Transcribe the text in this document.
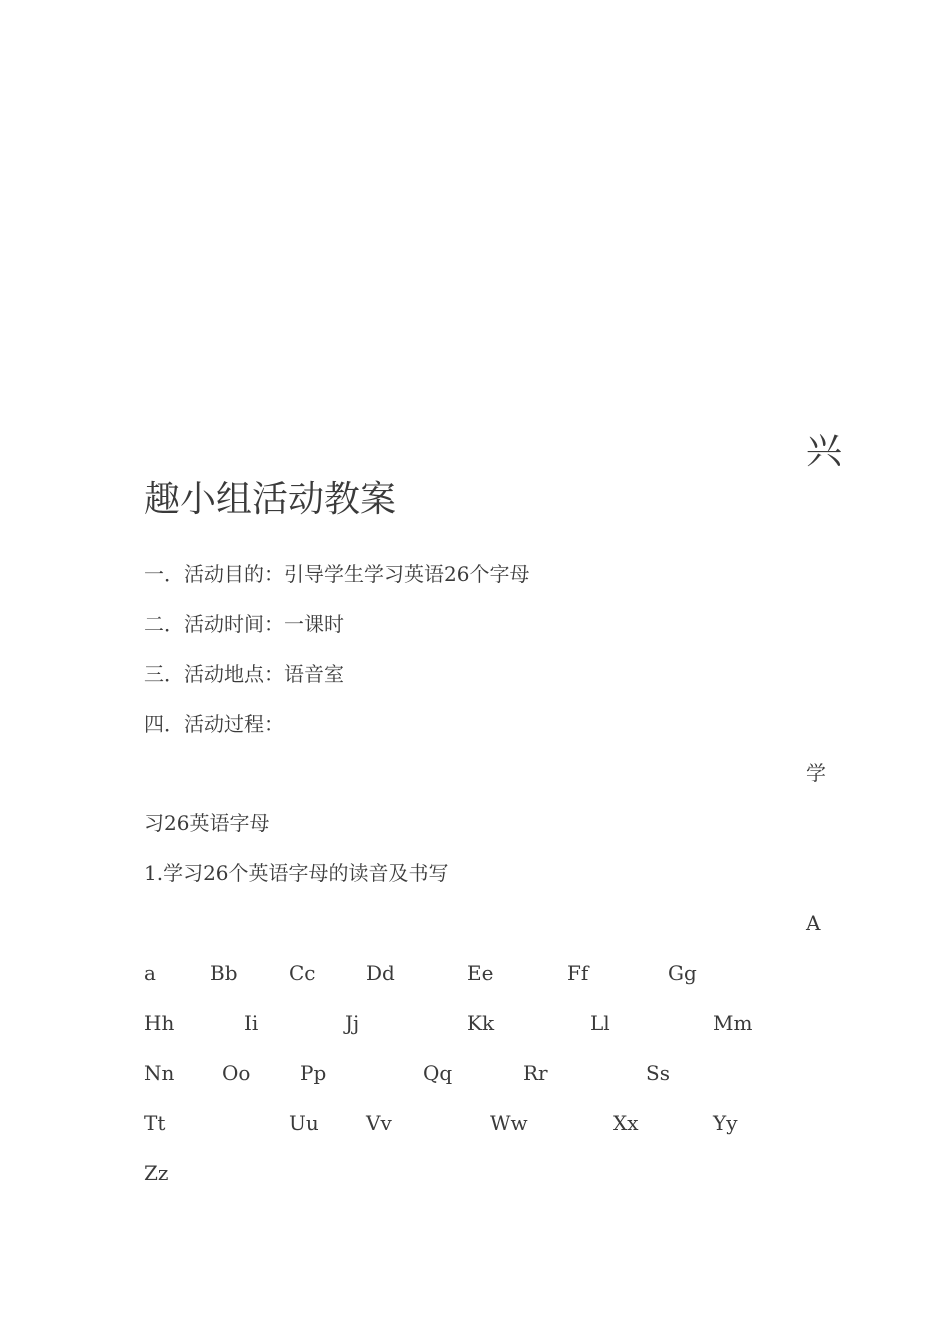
兴
趣小组活动教案
一．活动目的：引导学生学习英语26个字母
二．活动时间：一课时
三．活动地点：语音室
四．活动过程：
学
习26英语字母
1.学习26个英语字母的读音及书写
A
a	Bb	Cc	Dd	Ee	Ff	Gg
Hh	Ii	Jj	Kk	Ll	Mm
Nn Oo Pp	Qq	Rr	Ss
Tt	Uu Vv	Ww	Xx	Yy
Zz
